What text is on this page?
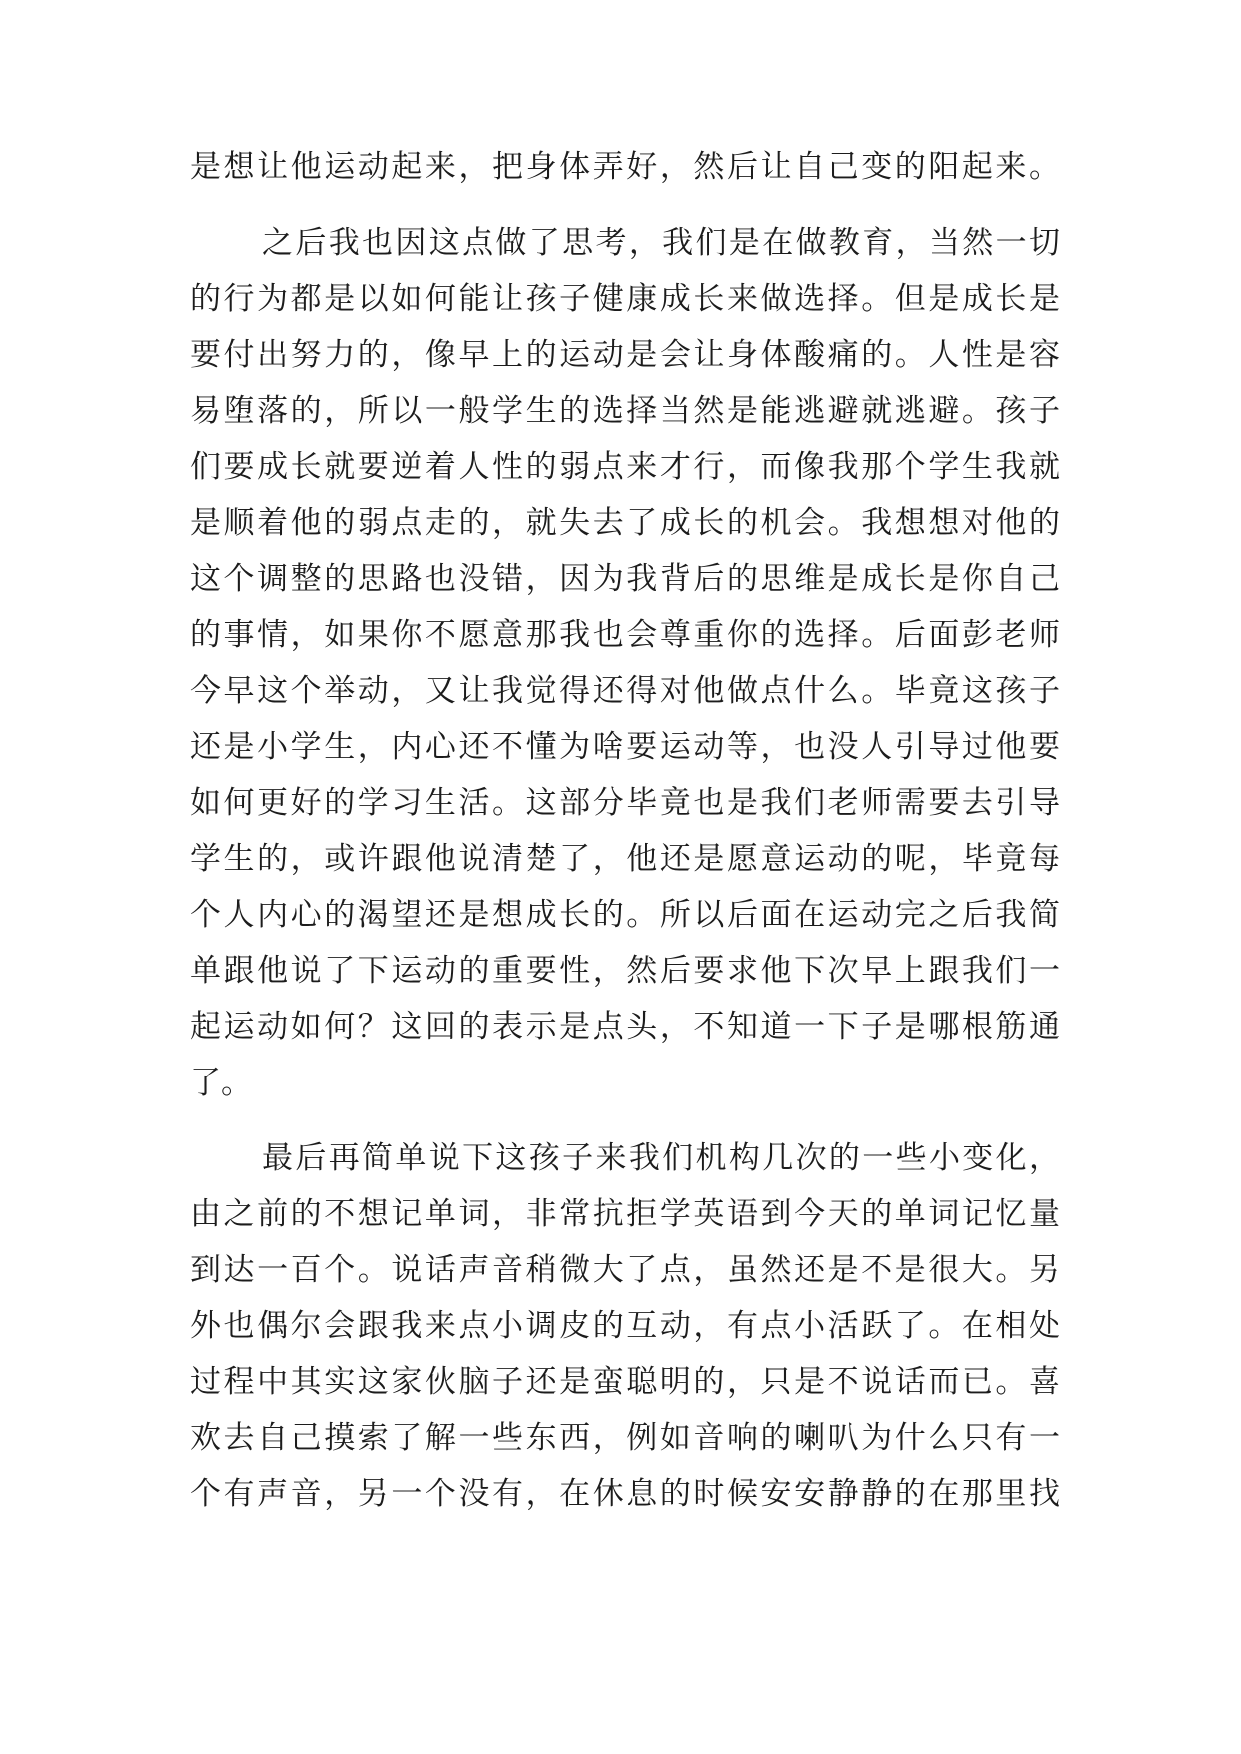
是想让他运动起来，把身体弄好，然后让自己变的阳起来。
之后我也因这点做了思考，我们是在做教育，当然一切
的行为都是以如何能让孩子健康成长来做选择。但是成长是
要付出努力的，像早上的运动是会让身体酸痛的。人性是容
易堕落的，所以一般学生的选择当然是能逃避就逃避。孩子
们要成长就要逆着人性的弱点来才行，而像我那个学生我就
是顺着他的弱点走的，就失去了成长的机会。我想想对他的
这个调整的思路也没错，因为我背后的思维是成长是你自己
的事情，如果你不愿意那我也会尊重你的选择。后面彭老师
今早这个举动，又让我觉得还得对他做点什么。毕竟这孩子
还是小学生，内心还不懂为啥要运动等，也没人引导过他要
如何更好的学习生活。这部分毕竟也是我们老师需要去引导
学生的，或许跟他说清楚了，他还是愿意运动的呢，毕竟每
个人内心的渴望还是想成长的。所以后面在运动完之后我简
单跟他说了下运动的重要性，然后要求他下次早上跟我们一
起运动如何？这回的表示是点头，不知道一下子是哪根筋通
了。
最后再简单说下这孩子来我们机构几次的一些小变化，
由之前的不想记单词，非常抗拒学英语到今天的单词记忆量
到达一百个。说话声音稍微大了点，虽然还是不是很大。另
外也偶尔会跟我来点小调皮的互动，有点小活跃了。在相处
过程中其实这家伙脑子还是蛮聪明的，只是不说话而已。喜
欢去自己摸索了解一些东西，例如音响的喇叭为什么只有一
个有声音，另一个没有，在休息的时候安安静静的在那里找
